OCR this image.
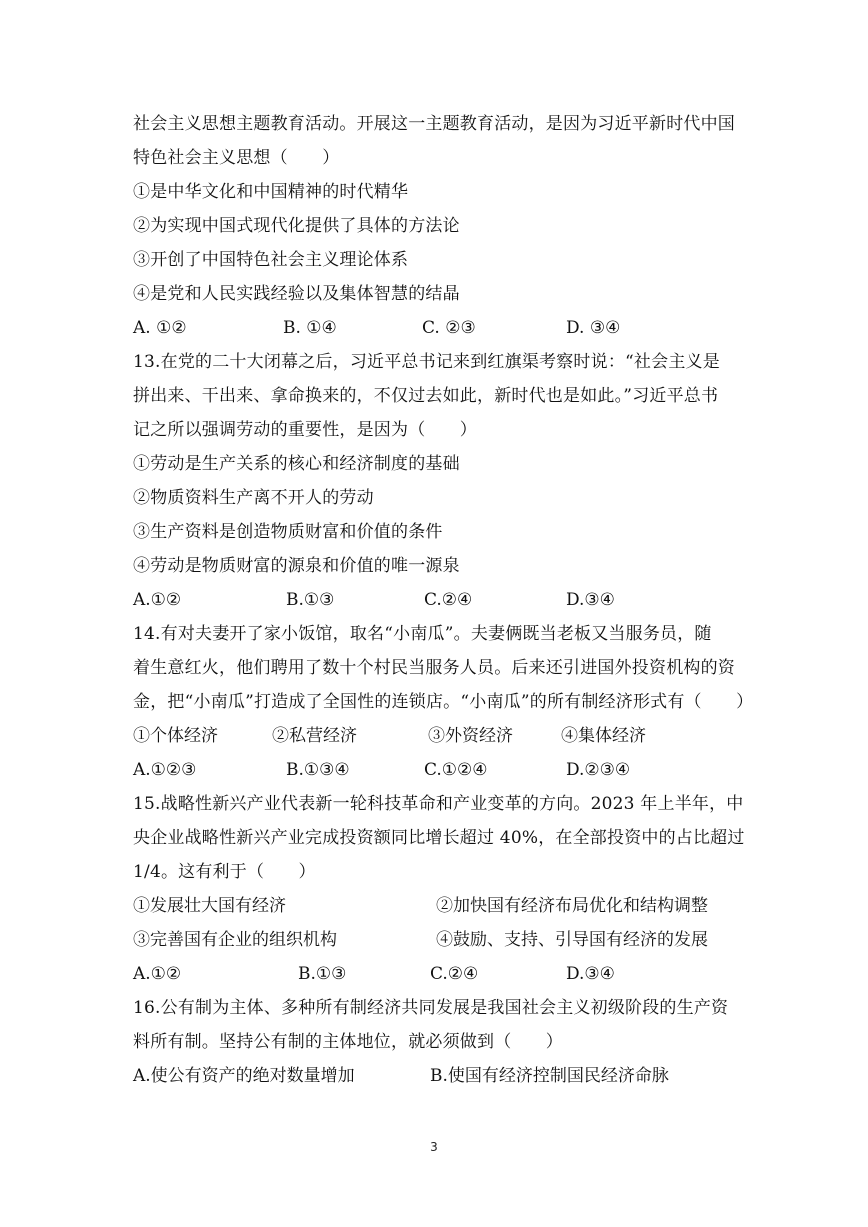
社会主义思想主题教育活动。开展这一主题教育活动，是因为习近平新时代中国
特色社会主义思想（　　）
①是中华文化和中国精神的时代精华
②为实现中国式现代化提供了具体的方法论
③开创了中国特色社会主义理论体系
④是党和人民实践经验以及集体智慧的结晶
A. ①②	B. ①④	C. ②③	D. ③④
13.在党的二十大闭幕之后，习近平总书记来到红旗渠考察时说：“社会主义是
拼出来、干出来、拿命换来的，不仅过去如此，新时代也是如此。”习近平总书
记之所以强调劳动的重要性，是因为（　　）
①劳动是生产关系的核心和经济制度的基础
②物质资料生产离不开人的劳动
③生产资料是创造物质财富和价值的条件
④劳动是物质财富的源泉和价值的唯一源泉
A.①②	B.①③	C.②④	D.③④
14.有对夫妻开了家小饭馆，取名“小南瓜”。夫妻俩既当老板又当服务员，随
着生意红火，他们聘用了数十个村民当服务人员。后来还引进国外投资机构的资
金，把“小南瓜”打造成了全国性的连锁店。“小南瓜”的所有制经济形式有（　　）
①个体经济	②私营经济	③外资经济	④集体经济
A.①②③	B.①③④	C.①②④	D.②③④
15.战略性新兴产业代表新一轮科技革命和产业变革的方向。2023 年上半年，中
央企业战略性新兴产业完成投资额同比增长超过 40%，在全部投资中的占比超过
1/4。这有利于（　　）
①发展壮大国有经济	②加快国有经济布局优化和结构调整
③完善国有企业的组织机构	④鼓励、支持、引导国有经济的发展
A.①②	B.①③	C.②④	D.③④
16.公有制为主体、多种所有制经济共同发展是我国社会主义初级阶段的生产资
料所有制。坚持公有制的主体地位，就必须做到（　　）
A.使公有资产的绝对数量增加	B.使国有经济控制国民经济命脉
3
